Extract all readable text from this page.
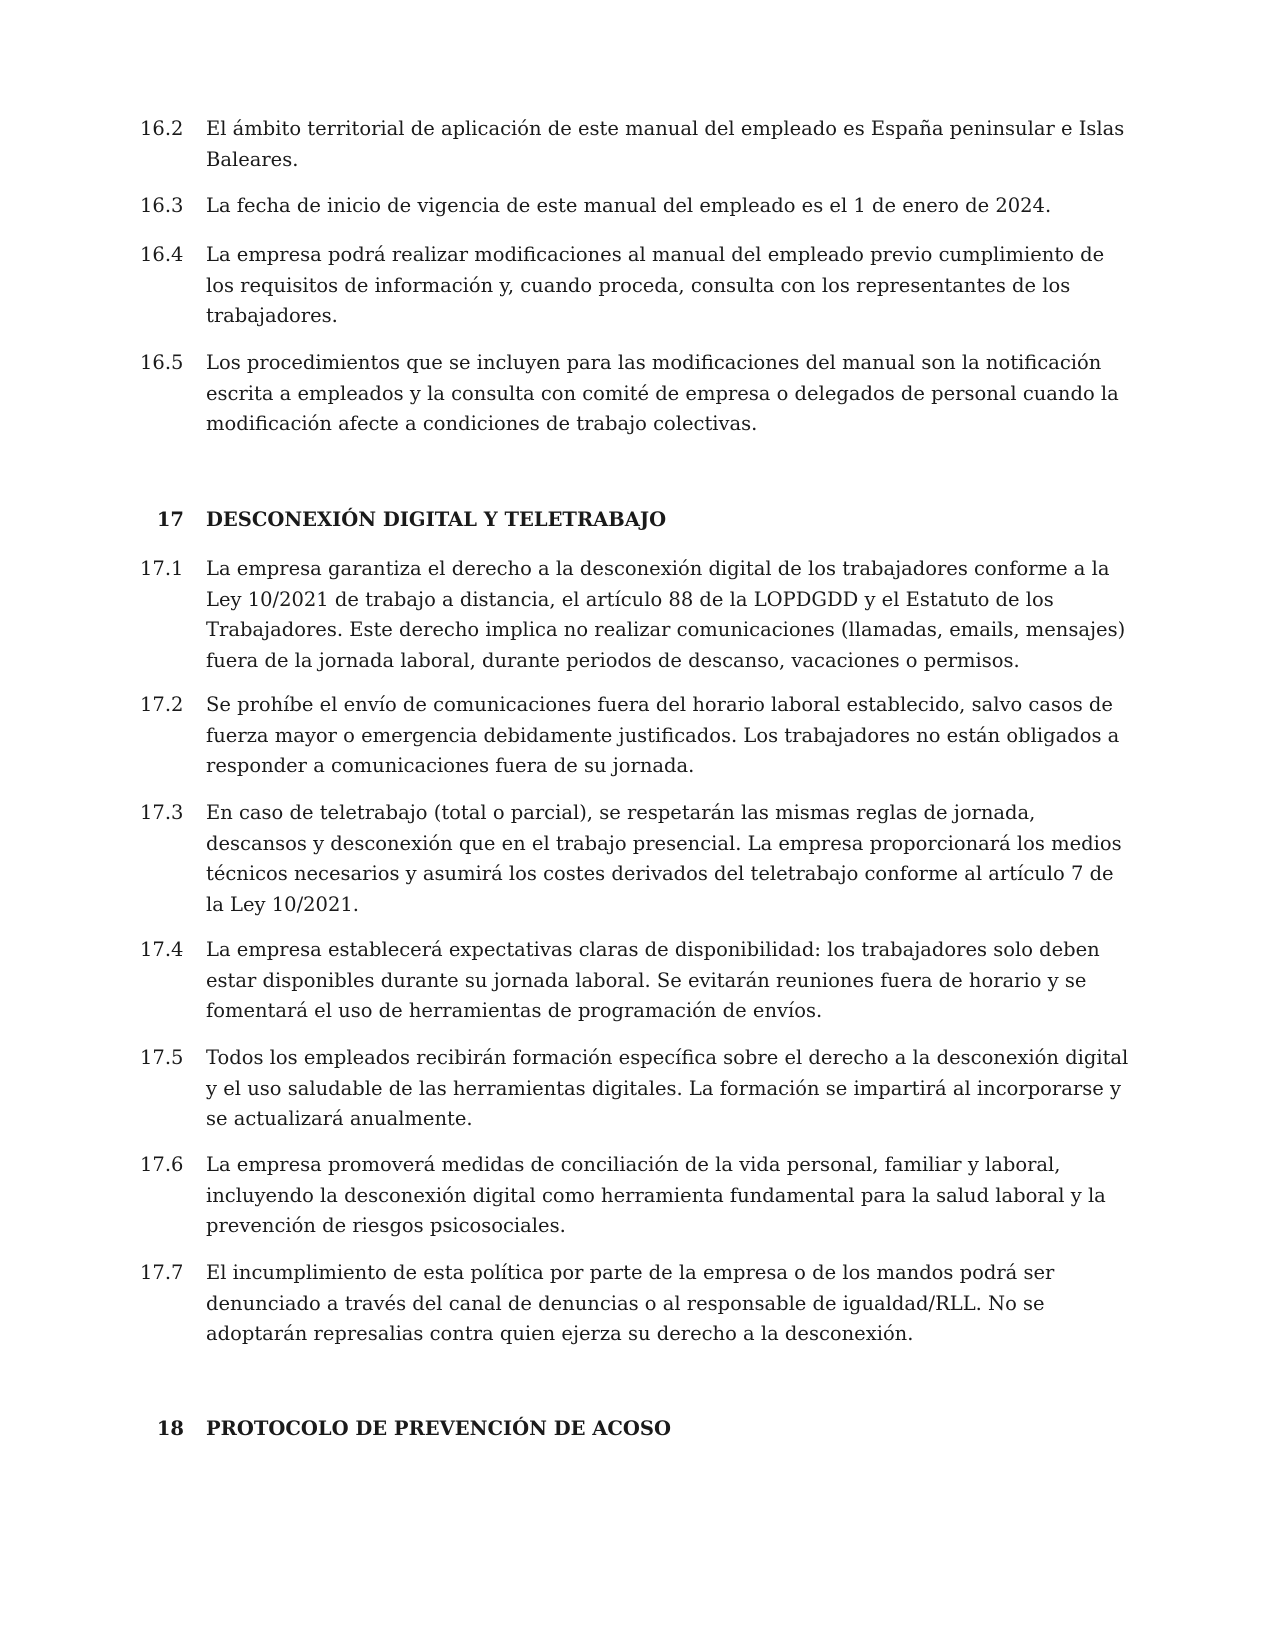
16.2	El ámbito territorial de aplicación de este manual del empleado es España peninsular e Islas Baleares.
16.3	La fecha de inicio de vigencia de este manual del empleado es el 1 de enero de 2024.
16.4	La empresa podrá realizar modificaciones al manual del empleado previo cumplimiento de los requisitos de información y, cuando proceda, consulta con los representantes de los trabajadores.
16.5	Los procedimientos que se incluyen para las modificaciones del manual son la notificación escrita a empleados y la consulta con comité de empresa o delegados de personal cuando la modificación afecte a condiciones de trabajo colectivas.
17	DESCONEXIÓN DIGITAL Y TELETRABAJO
17.1	La empresa garantiza el derecho a la desconexión digital de los trabajadores conforme a la Ley 10/2021 de trabajo a distancia, el artículo 88 de la LOPDGDD y el Estatuto de los Trabajadores. Este derecho implica no realizar comunicaciones (llamadas, emails, mensajes) fuera de la jornada laboral, durante periodos de descanso, vacaciones o permisos.
17.2	Se prohíbe el envío de comunicaciones fuera del horario laboral establecido, salvo casos de fuerza mayor o emergencia debidamente justificados. Los trabajadores no están obligados a responder a comunicaciones fuera de su jornada.
17.3	En caso de teletrabajo (total o parcial), se respetarán las mismas reglas de jornada, descansos y desconexión que en el trabajo presencial. La empresa proporcionará los medios técnicos necesarios y asumirá los costes derivados del teletrabajo conforme al artículo 7 de la Ley 10/2021.
17.4	La empresa establecerá expectativas claras de disponibilidad: los trabajadores solo deben estar disponibles durante su jornada laboral. Se evitarán reuniones fuera de horario y se fomentará el uso de herramientas de programación de envíos.
17.5	Todos los empleados recibirán formación específica sobre el derecho a la desconexión digital y el uso saludable de las herramientas digitales. La formación se impartirá al incorporarse y se actualizará anualmente.
17.6	La empresa promoverá medidas de conciliación de la vida personal, familiar y laboral, incluyendo la desconexión digital como herramienta fundamental para la salud laboral y la prevención de riesgos psicosociales.
17.7	El incumplimiento de esta política por parte de la empresa o de los mandos podrá ser denunciado a través del canal de denuncias o al responsable de igualdad/RLL. No se adoptarán represalias contra quien ejerza su derecho a la desconexión.
18	PROTOCOLO DE PREVENCIÓN DE ACOSO
